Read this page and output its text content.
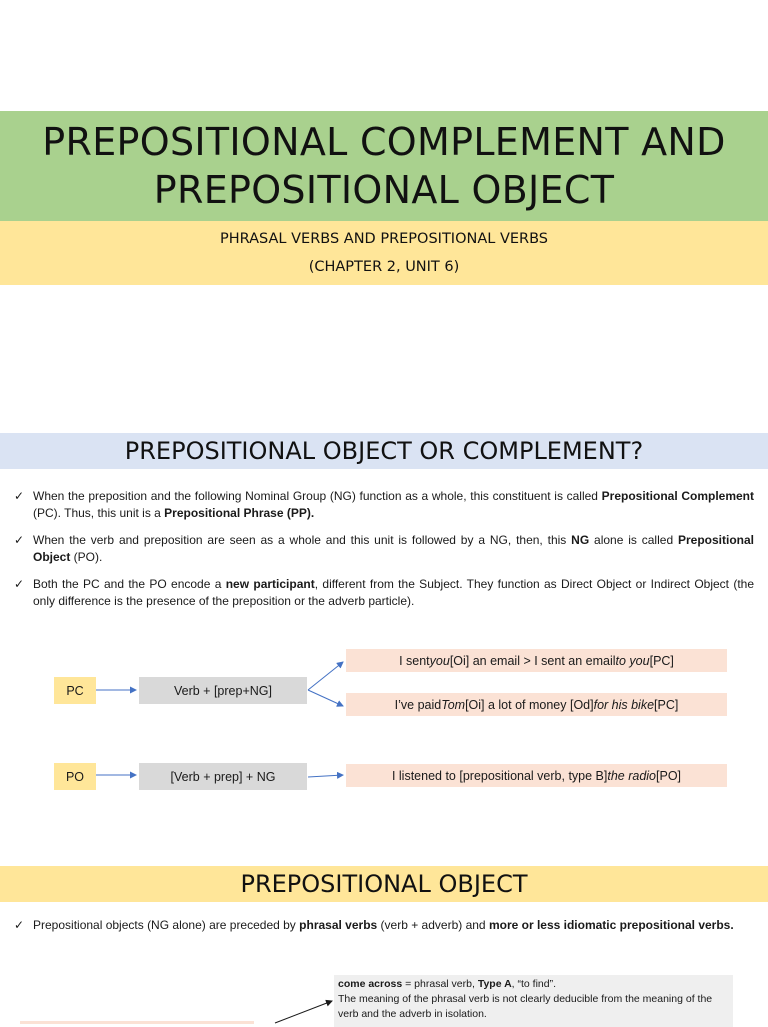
PREPOSITIONAL COMPLEMENT AND
PREPOSITIONAL OBJECT
PHRASAL VERBS AND PREPOSITIONAL VERBS
(CHAPTER 2, UNIT 6)
PREPOSITIONAL OBJECT OR COMPLEMENT?
✓ When the preposition and the following Nominal Group (NG) function as a whole, this constituent is called Prepositional Complement (PC). Thus, this unit is a Prepositional Phrase (PP).
✓ When the verb and preposition are seen as a whole and this unit is followed by a NG, then, this NG alone is called Prepositional Object (PO).
✓ Both the PC and the PO encode a new participant, different from the Subject. They function as Direct Object or Indirect Object (the only difference is the presence of the preposition or the adverb particle).
PC	Verb + [prep+NG]
I sent you [Oi] an email > I sent an email to you [PC]
I’ve paid Tom [Oi] a lot of money [Od] for his bike [PC]
PO	[Verb + prep] + NG	I listened to [prepositional verb, type B] the radio [PO]
PREPOSITIONAL OBJECT
✓ Prepositional objects (NG alone) are preceded by phrasal verbs (verb + adverb) and more or less idiomatic prepositional verbs.
come across = phrasal verb, Type A, “to find”.
The meaning of the phrasal verb is not clearly deducible from the meaning of the verb and the adverb in isolation.
